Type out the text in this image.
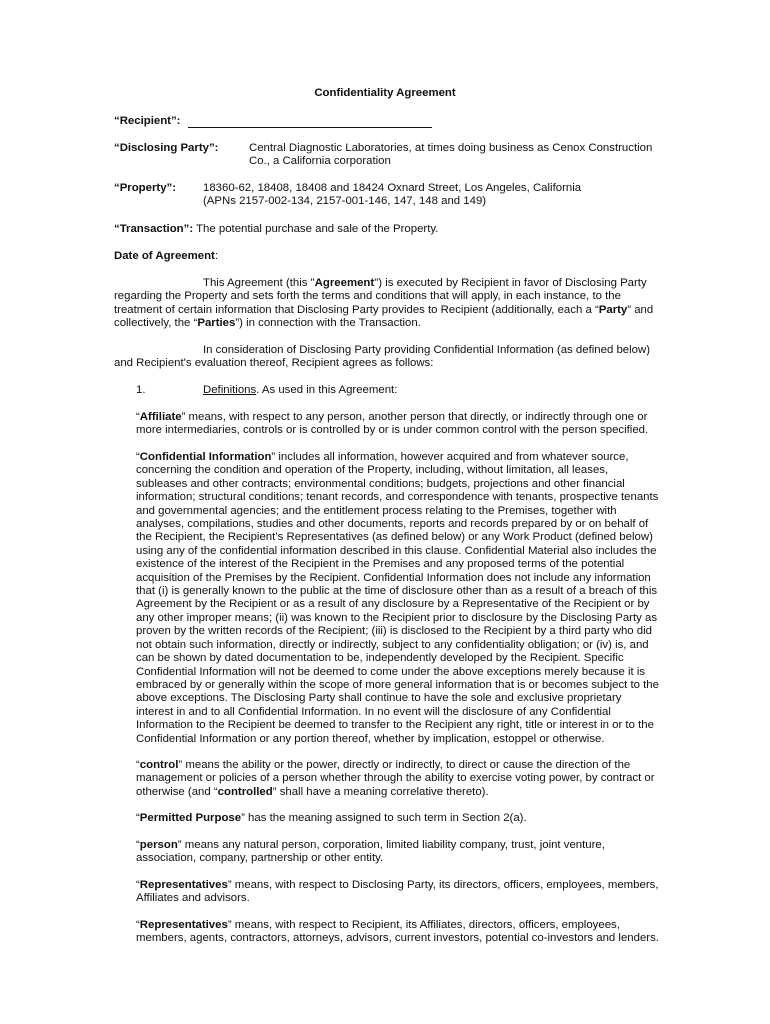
Confidentiality Agreement
“Recipient”:
“Disclosing Party”:	Central Diagnostic Laboratories, at times doing business as Cenox Construction
Co., a California corporation
“Property”: 18360-62, 18408, 18408 and 18424 Oxnard Street, Los Angeles, California
(APNs 2157-002-134, 2157-001-146, 147, 148 and 149)
“Transaction”: The potential purchase and sale of the Property.
Date of Agreement:
This Agreement (this "Agreement") is executed by Recipient in favor of Disclosing Party
regarding the Property and sets forth the terms and conditions that will apply, in each instance, to the
treatment of certain information that Disclosing Party provides to Recipient (additionally, each a “Party” and
collectively, the “Parties”) in connection with the Transaction.
In consideration of Disclosing Party providing Confidential Information (as defined below)
and Recipient's evaluation thereof, Recipient agrees as follows:
1.	Definitions. As used in this Agreement:
“Affiliate” means, with respect to any person, another person that directly, or indirectly through one or
more intermediaries, controls or is controlled by or is under common control with the person specified.
“Confidential Information” includes all information, however acquired and from whatever source,
concerning the condition and operation of the Property, including, without limitation, all leases,
subleases and other contracts; environmental conditions; budgets, projections and other financial
information; structural conditions; tenant records, and correspondence with tenants, prospective tenants
and governmental agencies; and the entitlement process relating to the Premises, together with
analyses, compilations, studies and other documents, reports and records prepared by or on behalf of
the Recipient, the Recipient’s Representatives (as defined below) or any Work Product (defined below)
using any of the confidential information described in this clause. Confidential Material also includes the
existence of the interest of the Recipient in the Premises and any proposed terms of the potential
acquisition of the Premises by the Recipient. Confidential Information does not include any information
that (i) is generally known to the public at the time of disclosure other than as a result of a breach of this
Agreement by the Recipient or as a result of any disclosure by a Representative of the Recipient or by
any other improper means; (ii) was known to the Recipient prior to disclosure by the Disclosing Party as
proven by the written records of the Recipient; (iii) is disclosed to the Recipient by a third party who did
not obtain such information, directly or indirectly, subject to any confidentiality obligation; or (iv) is, and
can be shown by dated documentation to be, independently developed by the Recipient. Specific
Confidential Information will not be deemed to come under the above exceptions merely because it is
embraced by or generally within the scope of more general information that is or becomes subject to the
above exceptions. The Disclosing Party shall continue to have the sole and exclusive proprietary
interest in and to all Confidential Information. In no event will the disclosure of any Confidential
Information to the Recipient be deemed to transfer to the Recipient any right, title or interest in or to the
Confidential Information or any portion thereof, whether by implication, estoppel or otherwise.
“control” means the ability or the power, directly or indirectly, to direct or cause the direction of the
management or policies of a person whether through the ability to exercise voting power, by contract or
otherwise (and “controlled” shall have a meaning correlative thereto).
“Permitted Purpose” has the meaning assigned to such term in Section 2(a).
“person” means any natural person, corporation, limited liability company, trust, joint venture,
association, company, partnership or other entity.
“Representatives” means, with respect to Disclosing Party, its directors, officers, employees, members,
Affiliates and advisors.
“Representatives” means, with respect to Recipient, its Affiliates, directors, officers, employees,
members, agents, contractors, attorneys, advisors, current investors, potential co-investors and lenders.
